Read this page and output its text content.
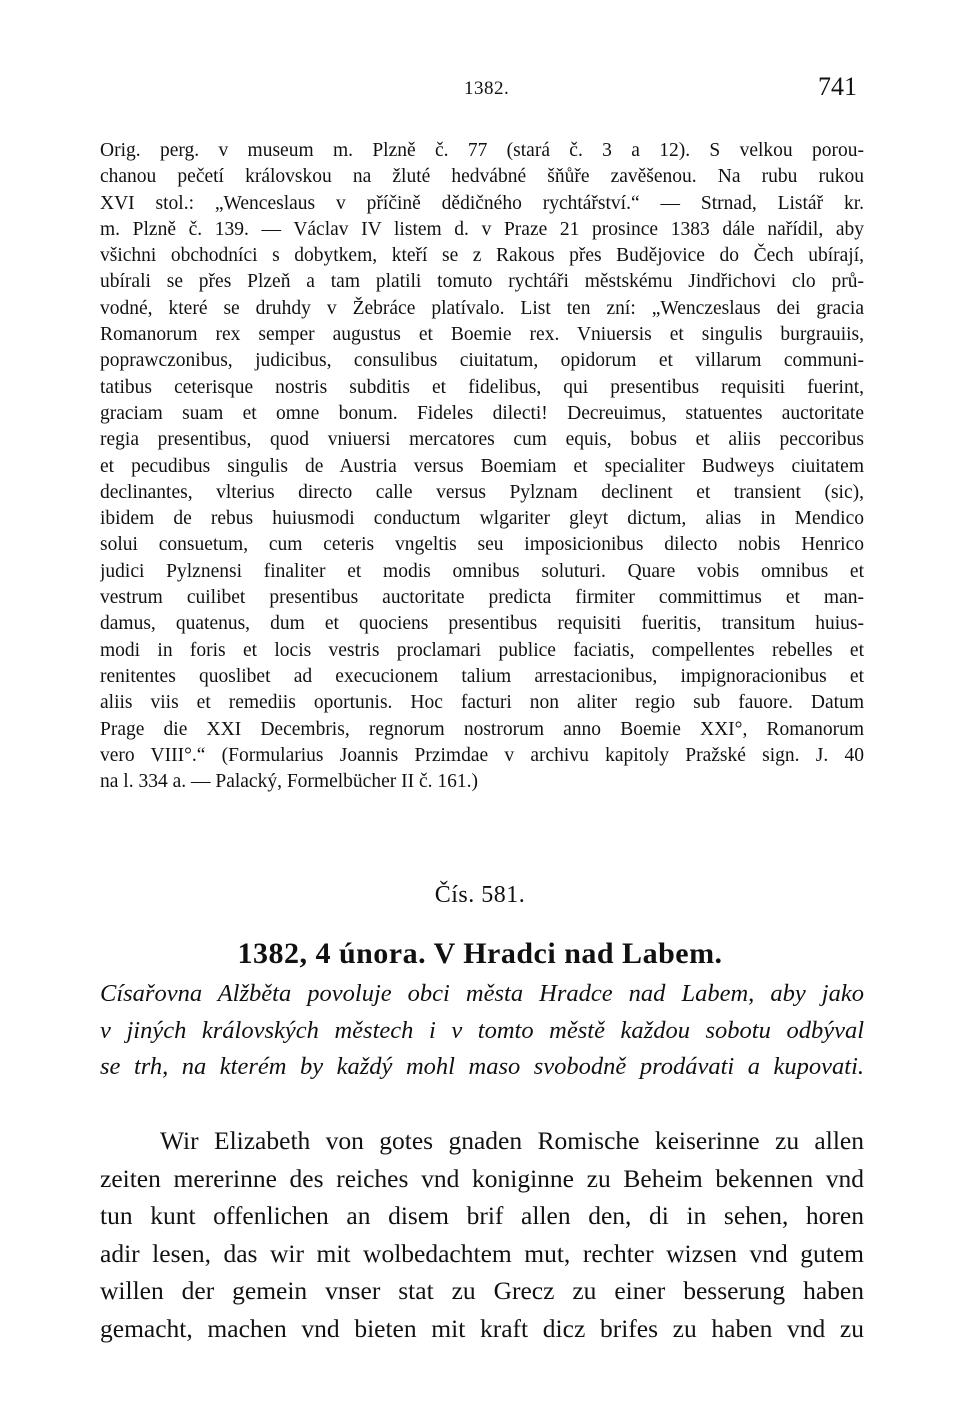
1382.	741
Orig. perg. v museum m. Plzně č. 77 (stará č. 3 a 12). S velkou porou-
chanou pečetí královskou na žluté hedvábné šňůře zavěšenou. Na rubu rukou
XVI stol.: „Wenceslaus v příčině dědičného rychtářství.“ — Strnad, Listář kr.
m. Plzně č. 139. — Václav IV listem d. v Praze 21 prosince 1383 dále nařídil, aby
všichni obchodníci s dobytkem, kteří se z Rakous přes Budějovice do Čech ubírají,
ubírali se přes Plzeň a tam platili tomuto rychtáři městskému Jindřichovi clo prů-
vodné, které se druhdy v Žebráce platívalo. List ten zní: „Wenczeslaus dei gracia
Romanorum rex semper augustus et Boemie rex. Vniuersis et singulis burgrauiis,
poprawczonibus, judicibus, consulibus ciuitatum, opidorum et villarum communi-
tatibus ceterisque nostris subditis et fidelibus, qui presentibus requisiti fuerint,
graciam suam et omne bonum. Fideles dilecti! Decreuimus, statuentes auctoritate
regia presentibus, quod vniuersi mercatores cum equis, bobus et aliis peccoribus
et pecudibus singulis de Austria versus Boemiam et specialiter Budweys ciuitatem
declinantes, vlterius directo calle versus Pylznam declinent et transient (sic),
ibidem de rebus huiusmodi conductum wlgariter gleyt dictum, alias in Mendico
solui consuetum, cum ceteris vngeltis seu imposicionibus dilecto nobis Henrico
judici Pylznensi finaliter et modis omnibus soluturi. Quare vobis omnibus et
vestrum cuilibet presentibus auctoritate predicta firmiter committimus et man-
damus, quatenus, dum et quociens presentibus requisiti fueritis, transitum huius-
modi in foris et locis vestris proclamari publice faciatis, compellentes rebelles et
renitentes quoslibet ad execucionem talium arrestacionibus, impignoracionibus et
aliis viis et remediis oportunis. Hoc facturi non aliter regio sub fauore. Datum
Prage die XXI Decembris, regnorum nostrorum anno Boemie XXI°, Romanorum
vero VIII°.“ (Formularius Joannis Przimdae v archivu kapitoly Pražské sign. J. 40
na l. 334 a. — Palacký, Formelbücher II č. 161.)
Čís. 581.
1382, 4 února. V Hradci nad Labem.
Císařovna Alžběta povoluje obci města Hradce nad Labem, aby jako
v jiných královských městech i v tomto městě každou sobotu odbýval
se trh, na kterém by každý mohl maso svobodně prodávati a kupovati.
Wir Elizabeth von gotes gnaden Romische keiserinne zu allen
zeiten mererinne des reiches vnd koniginne zu Beheim bekennen vnd
tun kunt offenlichen an disem brif allen den, di in sehen, horen
adir lesen, das wir mit wolbedachtem mut, rechter wizsen vnd gutem
willen der gemein vnser stat zu Grecz zu einer besserung haben
gemacht, machen vnd bieten mit kraft dicz brifes zu haben vnd zu
